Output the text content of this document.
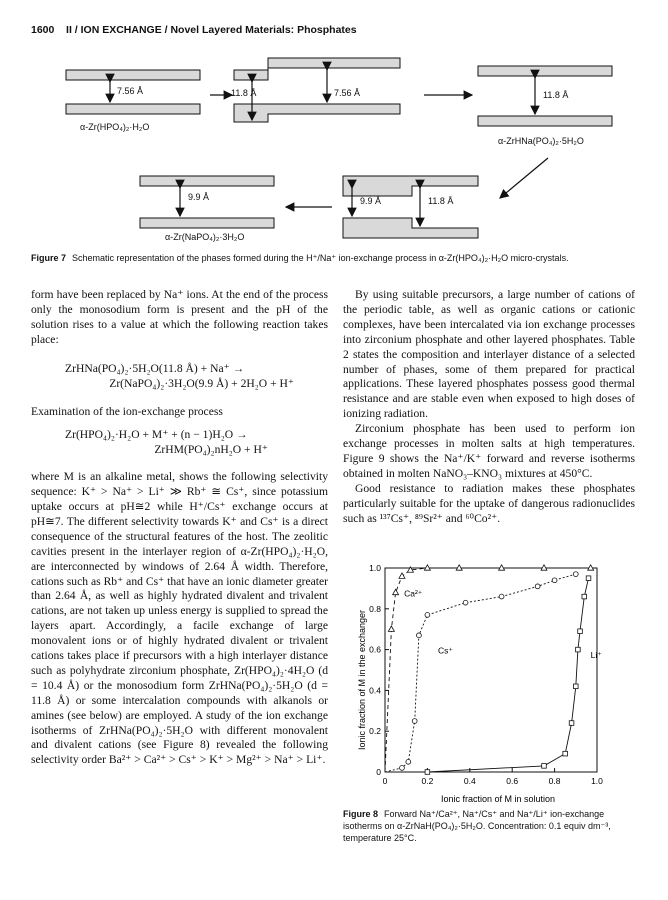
1600 II / ION EXCHANGE / Novel Layered Materials: Phosphates
7.56 Å	11.8 Å	7.56 Å	11.8 Å
9.9 Å	9.9 Å	11.8 Å
α-Zr(HPO₄)₂·H₂O
α-ZrHNa(PO₄)₂·5H₂O
α-Zr(NaPO₄)₂·3H₂O
Figure 7 Schematic representation of the phases formed during the H⁺/Na⁺ ion-exchange process in α-Zr(HPO₄)₂·H₂O micro-crystals.

form have been replaced by Na⁺ ions. At the end of the process only the monosodium form is present and the pH of the solution rises to a value at which the following reaction takes place:

ZrHNa(PO₄)₂·5H₂O(11.8 Å) + Na⁺ →
Zr(NaPO₄)₂·3H₂O(9.9 Å) + 2H₂O + H⁺

Examination of the ion-exchange process

Zr(HPO₄)₂·H₂O + M⁺ + (n − 1)H₂O →
ZrHM(PO₄)₂nH₂O + H⁺

where M is an alkaline metal, shows the following selectivity sequence: K⁺ > Na⁺ > Li⁺ ≫ Rb⁺ ≅ Cs⁺, since potassium uptake occurs at pH≅2 while H⁺/Cs⁺ exchange occurs at pH≅7. The different selectivity towards K⁺ and Cs⁺ is a direct consequence of the structural features of the host. The zeolitic cavities present in the interlayer region of α-Zr(HPO₄)₂·H₂O, are interconnected by windows of 2.64 Å width. Therefore, cations such as Rb⁺ and Cs⁺ that have an ionic diameter greater than 2.64 Å, as well as highly hydrated divalent and trivalent cations, are not taken up unless energy is supplied to spread the layers apart. Accordingly, a facile exchange of large monovalent ions or of highly hydrated divalent or trivalent cations takes place if precursors with a high interlayer distance such as polyhydrate zirconium phosphate, Zr(HPO₄)₂·4H₂O (d = 10.4 Å) or the monosodium form ZrHNa(PO₄)₂·5H₂O (d = 11.8 Å) or some intercalation compounds with alkanols or amines (see below) are employed. A study of the ion exchange isotherms of ZrHNa(PO₄)₂·5H₂O with different monovalent and divalent cations (see Figure 8) revealed the following selectivity order Ba²⁺ > Ca²⁺ > Cs⁺ > K⁺ > Mg²⁺ > Na⁺ > Li⁺.

By using suitable precursors, a large number of cations of the periodic table, as well as organic cations or cationic complexes, have been intercalated via ion exchange processes into zirconium phosphate and other layered phosphates. Table 2 states the composition and interlayer distance of a selected number of phases, some of them prepared for practical applications. These layered phosphates possess good thermal resistance and are stable even when exposed to high doses of ionizing radiation.

Zirconium phosphate has been used to perform ion exchange processes in molten salts at high temperatures. Figure 9 shows the Na⁺/K⁺ forward and reverse isotherms obtained in molten NaNO₃–KNO₃ mixtures at 450°C.

Good resistance to radiation makes these phosphates particularly suitable for the uptake of dangerous radionuclides such as ¹³⁷Cs⁺, ⁸⁹Sr²⁺ and ⁶⁰Co²⁺.

Ionic fraction of M in the exchanger
Ionic fraction of M in solution
0
0
0.2
0.2
0.4
0.4
0.6
0.6
0.8
0.8
1.0
1.0
Ca²⁺
Cs⁺	Li⁺
Figure 8 Forward Na⁺/Ca²⁺, Na⁺/Cs⁺ and Na⁺/Li⁺ ion-exchange isotherms on α-ZrNaH(PO₄)₂·5H₂O. Concentration: 0.1 equiv dm⁻³, temperature 25°C.
